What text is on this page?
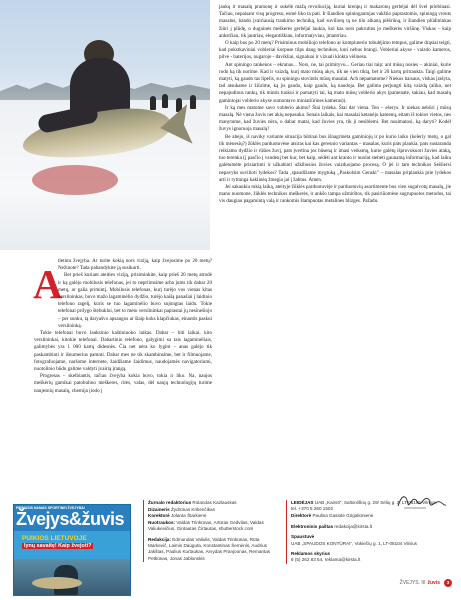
jaukų ir masalų pramonę ir sukėlė mažą revoliuciją, kuriai krenpų ir makaronų gerbėjai dėl švel priebinasi. Tačiau, nepaisant visų progreso, esmė liko ta pati. Ir šiandien spiningautojas vakštio paprastomis, spiningą vrouts masalus, bando įvairiausią traukimo techniką, kad suviliotų tą ne tiin alkaną plėšrūną, ir šiandien plūdininkas žiūri į plūdę, o dugninės meškerės gerbėjai laukia, kol kas nors pakrutins jo meškerės viršūnę. Viskas – kaip ankstčiau, tik įautriau, elegantiškiau, informatyviau, įmantriau.

O kaip bus po 20 metų? Prisiminus mobiliojo telefono ar kompiuterio tobulėjimo tempus, galime drąsiai teigti, kad pokstkaviniai vobleriai korpuse tilps daug technikos, kuri nebus brangi. Vobleriai akyse - vaizdo kameros, pilve - baterijos, nugaroje - davikliai, signaluai ir vizuali klokta vėlinesn.

Ant spiningo rankenos – ekranas... Nors, ne, tai primityvu... Geriau tiai taip: ant mūsų nosies – akiniai, kurie rodo ką tik norime. Kad ir vaizdą, kurį mato mūsų akys, tik ne vien tiktą, bet ir 20 kartų pritraukta. Taigi galime matyti, ką gaudo tas lipelis, su spiningu stovintis mūsų masalai. Ach nepamatome? Niekos baisaus, viskas įrašyta, tad atsukame ir žiūrime, ką jis gaudo, kaip gaudo, ką naudoja. Bet galima perjungti kitą vaizdą (aliko, net nepajudinus rankų, tik mintis tuokui ir pamatyti tai, ką mato mūsų voblerio akys (pamenate, sakiau, kad masalų gamintojai voblerio akyse sumontavo miniatiūrines kameras)).

Ir ką mes matome savo voblerio akims? Štai lydeka. Štai dar viena. Ten – ešerys. Ir niekas nebūri į mūsų masalą. Nė viena žuvis net akių nepasuka. Senais laikais, kai masalai ketanėjo kamenų, eitam iš tokios vietos, nes manytume, kad žuvies nėra, o dabar matai, kad žuvies yra, tik ji nesiblemi. Bet nusimatosi, ką daryti? Kodėl žuvys ignoruoja masalą?

Be abejo, iš naviky variante situacija būtinai bus išnagrinėta gaminiojų ir po kurio laiko (keleriy metų, o gal tik mėnesių?) žūklės parduotuvėse atsiras kai kas geresnio variantas – masalas, kuris pats plaukia, pats sustaranda reikiamo dydžio ir rūšies žuvį, pats įvertina jos būseną ir imasi veiksmų, kurie galėtų išprovokuoti žuvies ataką, tuo terenka (į pasčio į vandenį bet kur, bet kaip, sėdėti ant kranto ir nuolat stebėti gaunamą informaciją, kad laiku galėtumėte prisiartinti ir užkabinti užkibusios žuvies vaizduojamo procesą. O jei ir tam technikos Seišiersi nepavyks suvilioti lydekos? Tada ‚spaudžiame mygtuką „Paskolsim Genski" – masalas priplaukia prie lydekos arti ir rytinnga kaklinėą žmegia jai į žabtus. Amen.

Jei sakaukiu tokią laiką, ateityje žūklės parduotuvėje ir parduotuvių asortimente bus vien sugalvotų masalų, jie mano nuomone, žūklės technikos meškerės, ir ankšo tampa užmirštos, tik pasiriūomėse sugrupuotos metodos, tai vis daugiau pagamintą valą ir rankomis štampuotas metalines blizges. Pažadu.

A

tletinn žvejyba. Ar turite kokią nors viziją, kaip žvejosime po 20 metų? Nežinote? Tada pabandykite ją susikurti.

Bet prieš kuriant ateities viziją, prisiminkite, kaip prieš 20 metų atrodė ir ką galėjo mobilusis telefonas, jei to nepriimsime arba jums tik dabar 20 metų, ar galia primintį. Mobilusis telefonas, kurį turėjo vos vienas kitas verslininkas, buvo mažo lagaminėlio dydžio, turėjo kaišą panašiai į laidinio telefono ragelį, kuris se tuo lagaminėlio buvo sujungtas laidu. Tokie telefonai prilygo štebuklui, bet to meto verslininkai paprastai jų nesinešiojo – per sunku, tą daryašvo apsaugos ar šiaip koks klapčiukas, einantis paskui verslininką.

Tokie telefonai buvo lauksinio kaštiniuoko laikas. Dabar – biti laikai, kito verslininkai, kitokie telefonai. Dabartinio telefono, galygimi su tais lagaminėliais, galimybės yra 1 000 kartų didesnės. Čia net nėra ko lygint – anas galėjo tik paskambinti ir išnumerius pamnti. Dabar mes ne tik skambinsime, bet ir filmuojame, fotografuojame, naršome internete, žaidžiame žaidimus, naudojamės navigatoriumi, nuotolinio būdu galime valdyti įvairią įrangą.

Progresas – skelbiantis, tačiau žvejyba kokia buvo, tokia ir liko. Na, naujos meškėrių gamikai patobulino meškeres, ritės, valas, dėl naujų technologijų turime naujesnių masalų, chemija įiodo j

PIRMASIS NAMAS SPORTINEI ŽVEJYBAI
Žvejys&žuvis
PUIKIOS LIETUVOJE
lynų savaitę! Kaip žvejoti?
Žurnalo redaktorius Rolandas Kazlauskas
Dizaineris Žydrūnas Krikenčikas
Korektorė Jolanta Štarkienė
Nuotraukos: Valdas Trinkūnas, Artūras Gedvilas, Valdas Valiukevičius, Gintautas Čirtautas, shutterstock.com
Redakcija: Edmundas Valiulis, Valdas Trinkūnas, Rūta Markevič, Laimis Dauguta, Konstantinas Šemėnis, Audrius Jakštas, Paulius Kurtaukas, Arvydas Pranjoonas, Remantas Petkūnas, Jonas Jablonskis
LEIDĖJAS UAB „Kairsti", Saltoniškių g. 29/ Sėlių g. 3, LT-08105 Vilnius, tel. +370 5 260 1502
Direktorė Paulina Gasiūtė Grigaliūnienė
Elektroninis paštas redakcija@kirsta.lt
Spaustuvė
UAB „SPAUDOS KONTŪRAI", Vokiečių g. 1, LT-08104 Vilnius
Reklamos skyrius
8 (5) 262 83 54, reklama@kirsta.lt
ŽVEJYS. III žuvis	3
